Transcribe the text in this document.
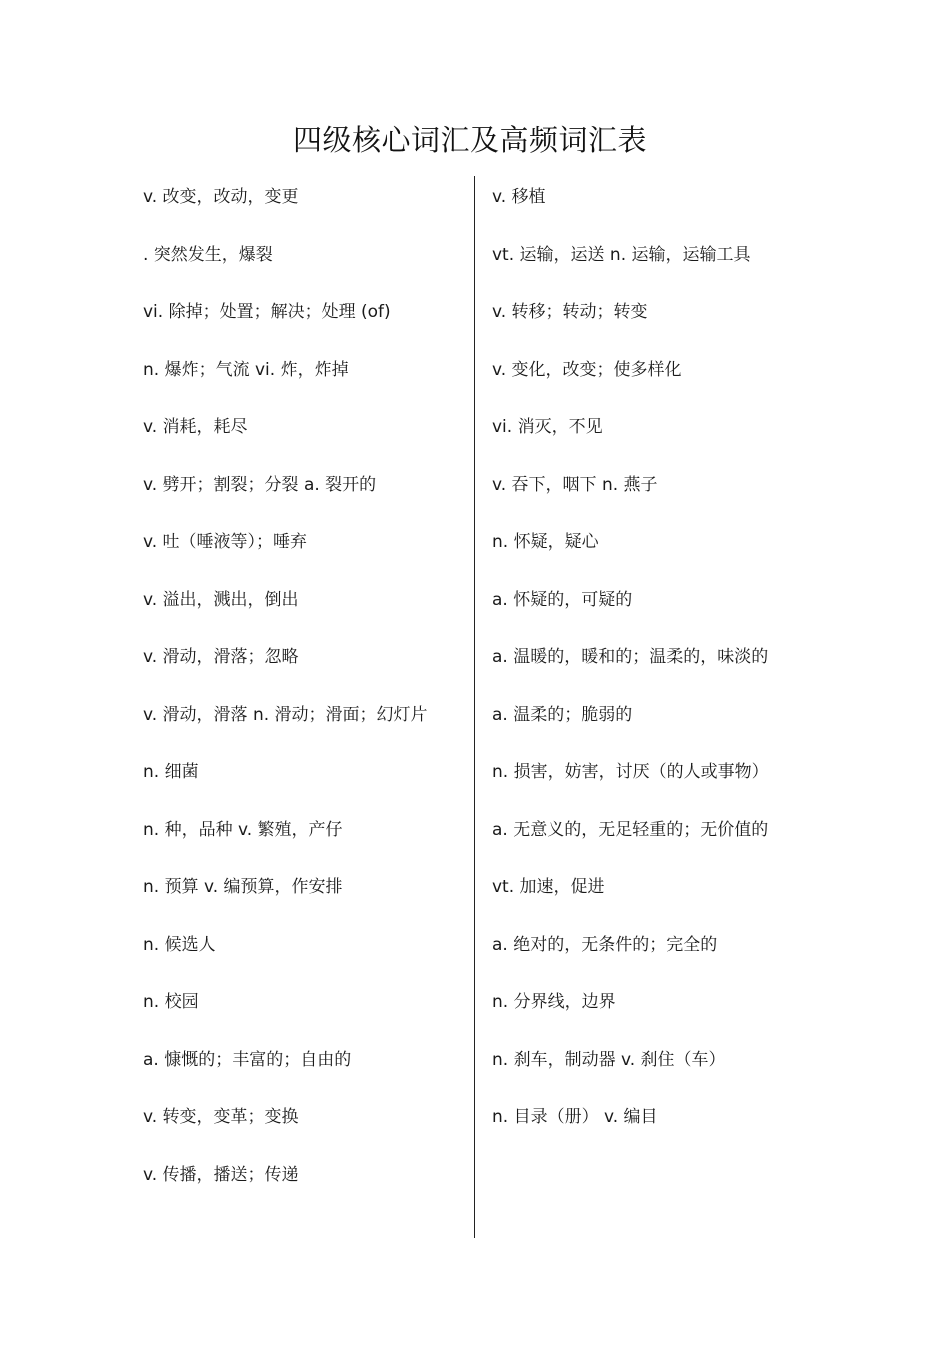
四级核心词汇及高频词汇表
v. 改变，改动，变更
. 突然发生，爆裂
vi. 除掉；处置；解决；处理 (of)
n. 爆炸；气流 vi. 炸，炸掉
v. 消耗，耗尽
v. 劈开；割裂；分裂 a. 裂开的
v. 吐（唾液等）；唾弃
v. 溢出，溅出，倒出
v. 滑动，滑落；忽略
v. 滑动，滑落 n. 滑动；滑面；幻灯片
n. 细菌
n. 种，品种 v. 繁殖，产仔
n. 预算 v. 编预算，作安排
n. 候选人
n. 校园
a. 慷慨的；丰富的；自由的
v. 转变，变革；变换
v. 传播，播送；传递
v. 移植
vt. 运输，运送 n. 运输，运输工具
v. 转移；转动；转变
v. 变化，改变；使多样化
vi. 消灭，不见
v. 吞下，咽下 n. 燕子
n. 怀疑，疑心
a. 怀疑的，可疑的
a. 温暖的，暖和的；温柔的，味淡的
a. 温柔的；脆弱的
n. 损害，妨害，讨厌（的人或事物）
a. 无意义的，无足轻重的；无价值的
vt. 加速，促进
a. 绝对的，无条件的；完全的
n. 分界线，边界
n. 刹车，制动器 v. 刹住（车）
n. 目录（册） v. 编目
